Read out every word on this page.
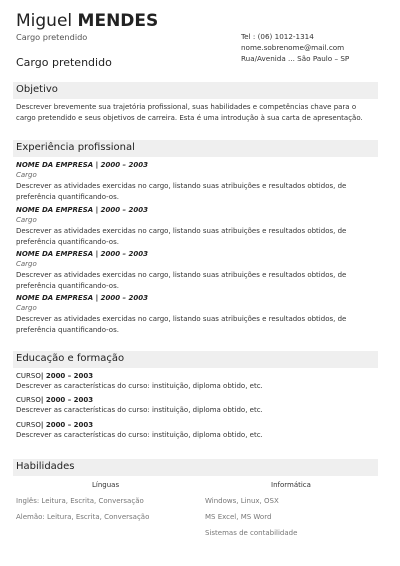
Miguel MENDES
Cargo pretendido	Tel : (06) 1012-1314
nome.sobrenome@mail.com
Rua/Avenida ... São Paulo – SP
Cargo pretendido
Objetivo
Descrever brevemente sua trajetória profissional, suas habilidades e competências chave para o cargo pretendido e seus objetivos de carreira. Esta é uma introdução à sua carta de apresentação.
Experiência profissional
NOME DA EMPRESA | 2000 – 2003
Cargo
Descrever as atividades exercidas no cargo, listando suas atribuições e resultados obtidos, de preferência quantificando-os.
NOME DA EMPRESA | 2000 – 2003
Cargo
Descrever as atividades exercidas no cargo, listando suas atribuições e resultados obtidos, de preferência quantificando-os.
NOME DA EMPRESA | 2000 – 2003
Cargo
Descrever as atividades exercidas no cargo, listando suas atribuições e resultados obtidos, de preferência quantificando-os.
NOME DA EMPRESA | 2000 – 2003
Cargo
Descrever as atividades exercidas no cargo, listando suas atribuições e resultados obtidos, de preferência quantificando-os.
Educação e formação
CURSO| 2000 – 2003
Descrever as características do curso: instituição, diploma obtido, etc.
CURSO| 2000 – 2003
Descrever as características do curso: instituição, diploma obtido, etc.
CURSO| 2000 – 2003
Descrever as características do curso: instituição, diploma obtido, etc.
Habilidades
Línguas	Informática
Inglês: Leitura, Escrita, Conversação
Alemão: Leitura, Escrita, Conversação
Windows, Linux, OSX
MS Excel, MS Word
Sistemas de contabilidade
